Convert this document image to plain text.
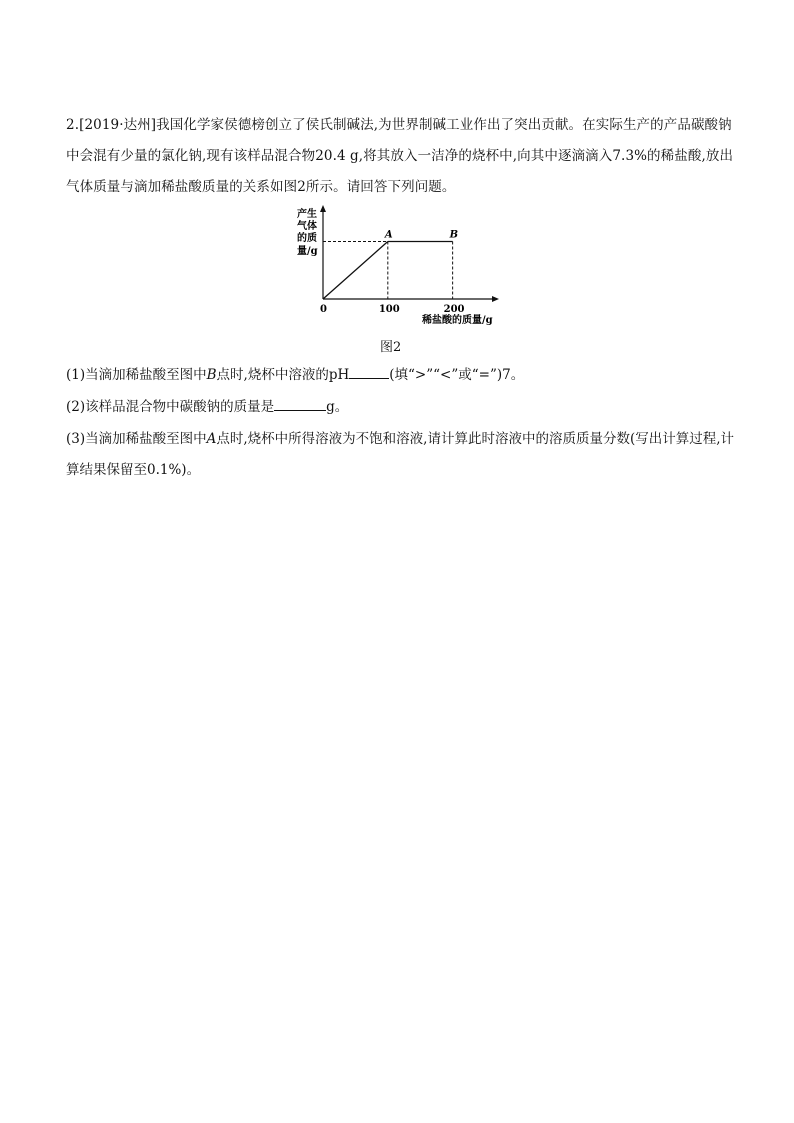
2.[2019·达州]我国化学家侯德榜创立了侯氏制碱法,为世界制碱工业作出了突出贡献。在实际生产的产品碳酸钠中会混有少量的氯化钠,现有该样品混合物20.4 g,将其放入一洁净的烧杯中,向其中逐滴滴入7.3%的稀盐酸,放出气体质量与滴加稀盐酸质量的关系如图2所示。请回答下列问题。
产生
气体
的质
量/g
A	B
0	100	200
稀盐酸的质量/g
图2
(1)当滴加稀盐酸至图中B点时,烧杯中溶液的pH	(填“>”“<”或“=”)7。
(2)该样品混合物中碳酸钠的质量是	g。
(3)当滴加稀盐酸至图中A点时,烧杯中所得溶液为不饱和溶液,请计算此时溶液中的溶质质量分数(写出计算过程,计算结果保留至0.1%)。
